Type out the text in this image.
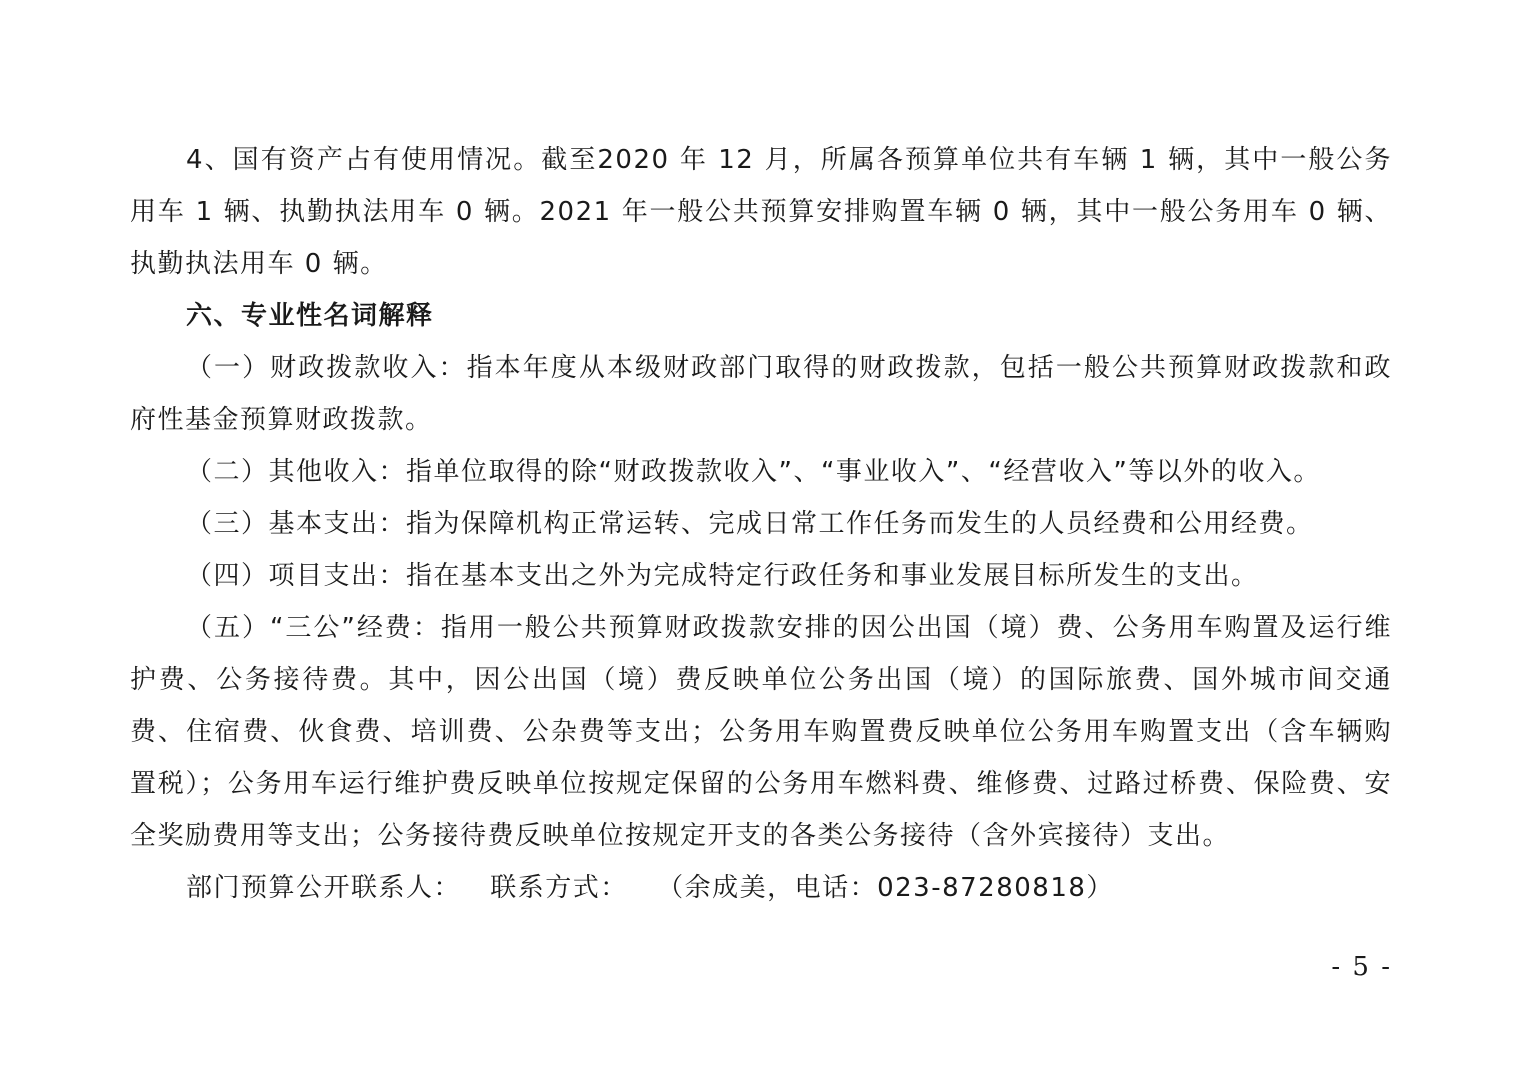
4、国有资产占有使用情况。截至2020 年 12 月，所属各预算单位共有车辆 1 辆，其中一般公务用车 1 辆、执勤执法用车 0 辆。2021 年一般公共预算安排购置车辆 0 辆，其中一般公务用车 0 辆、执勤执法用车 0 辆。

六、专业性名词解释

（一）财政拨款收入：指本年度从本级财政部门取得的财政拨款，包括一般公共预算财政拨款和政府性基金预算财政拨款。

（二）其他收入：指单位取得的除“财政拨款收入”、“事业收入”、“经营收入”等以外的收入。

（三）基本支出：指为保障机构正常运转、完成日常工作任务而发生的人员经费和公用经费。

（四）项目支出：指在基本支出之外为完成特定行政任务和事业发展目标所发生的支出。

（五）“三公”经费：指用一般公共预算财政拨款安排的因公出国（境）费、公务用车购置及运行维护费、公务接待费。其中，因公出国（境）费反映单位公务出国（境）的国际旅费、国外城市间交通费、住宿费、伙食费、培训费、公杂费等支出；公务用车购置费反映单位公务用车购置支出（含车辆购置税）；公务用车运行维护费反映单位按规定保留的公务用车燃料费、维修费、过路过桥费、保险费、安全奖励费用等支出；公务接待费反映单位按规定开支的各类公务接待（含外宾接待）支出。

部门预算公开联系人：   联系方式：   （余成美，电话：023-87280818）

- 5 -
